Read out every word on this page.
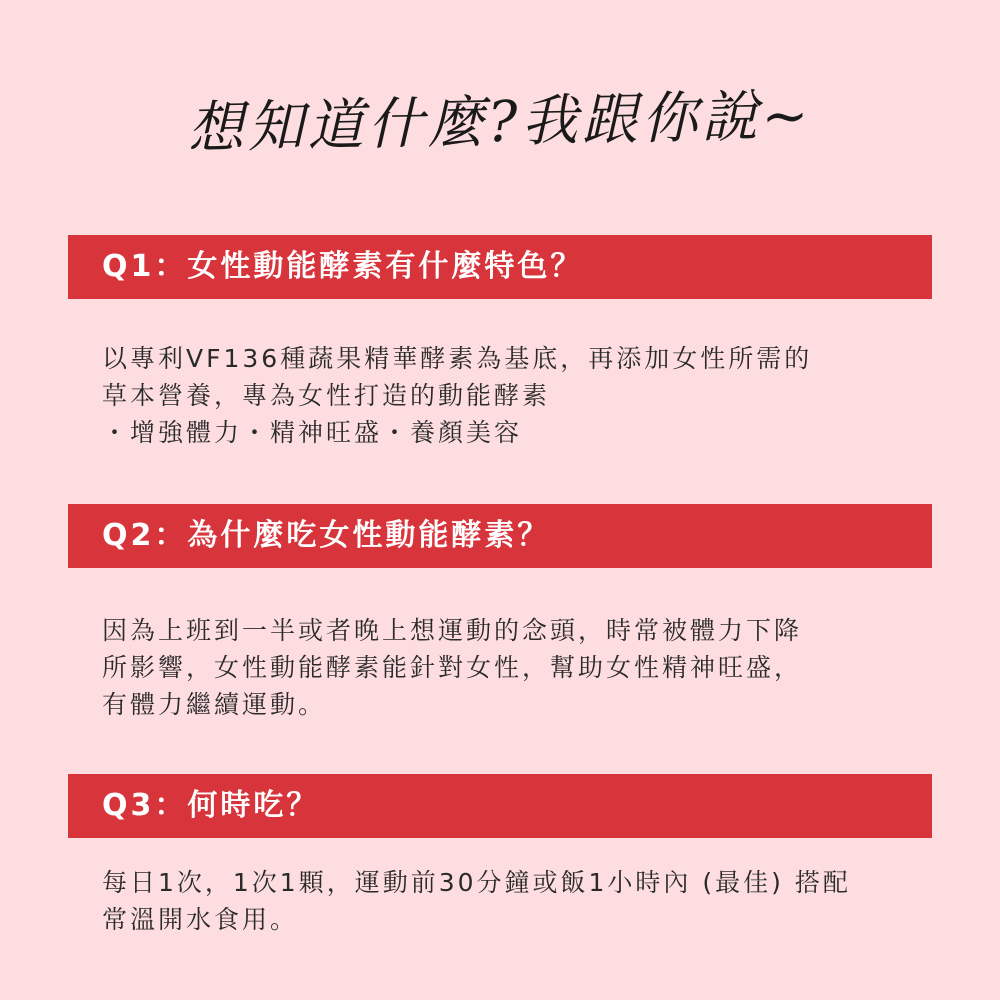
想知道什麼?我跟你說~
Q1：女性動能酵素有什麼特色？
以專利VF136種蔬果精華酵素為基底，再添加女性所需的
草本營養，專為女性打造的動能酵素
・增強體力・精神旺盛・養顏美容
Q2：為什麼吃女性動能酵素？
因為上班到一半或者晚上想運動的念頭，時常被體力下降
所影響，女性動能酵素能針對女性，幫助女性精神旺盛，
有體力繼續運動。
Q3：何時吃？
每日1次，1次1顆，運動前30分鐘或飯1小時內 (最佳) 搭配
常溫開水食用。
